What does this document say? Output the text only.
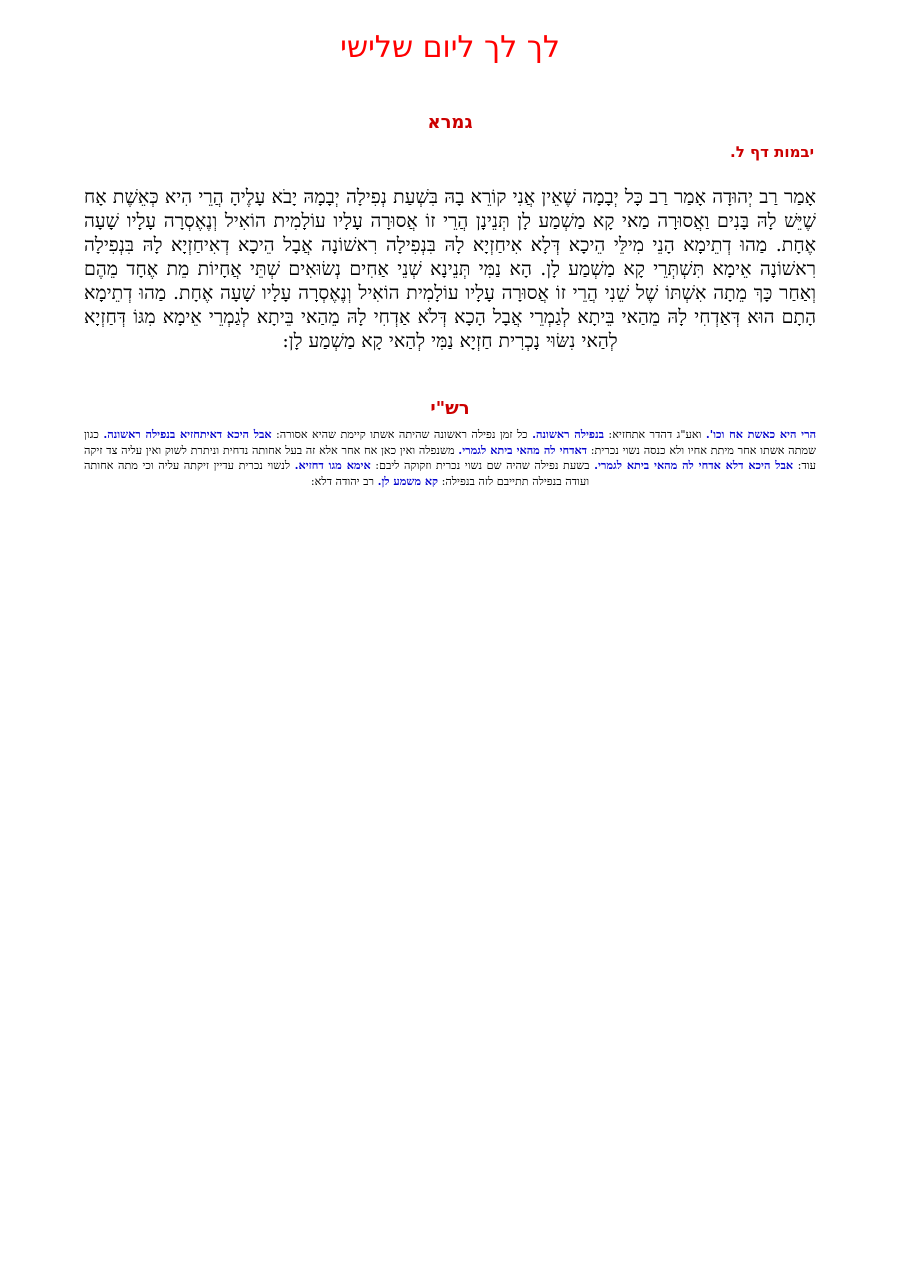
לך לך ליום שלישי
גמרא
יבמות דף ל.

אָמַר רַב יְהוּדָה אָמַר רַב כָּל יְבָמָה שֶׁאֵין אֲנִי קוֹרֵא בָהּ בִּשְׁעַת נְפִילָה יְבָמָהּ יָבֹא עָלֶיהָ הֲרֵי הִיא כְּאֵשֶׁת אָח שֶׁיֵּשׁ לָהּ בָּנִים וַאֲסוּרָה מַאי קָא מַשְׁמַע לָן תְּנֵינָן הֲרֵי זוֹ אֲסוּרָה עָלָיו עוֹלָמִית הוֹאִיל וְנֶאֶסְרָה עָלָיו שָׁעָה אֶחָת. מַהוּ דְתֵימָא הָנֵי מִילֵּי הֵיכָא דְּלָא אִיחַזְיָא לָהּ בִּנְפִילָה רִאשׁוֹנָה אֲבָל הֵיכָא דְאִיחַזְיָא לָהּ בִּנְפִילָה רִאשׁוֹנָה אֵימָא תִּשְׁתְּרֵי קָא מַשְׁמַע לָן. הָא נַמִּי תְּנֵינָא שְׁנֵי אַחִים נְשׂוּאִים שְׁתֵּי אֲחָיוֹת מֵת אֶחָד מֵהֶם וְאַחַר כָּךְ מֵתָה אִשְׁתּוֹ שֶׁל שֵׁנִי הֲרֵי זוֹ אֲסוּרָה עָלָיו עוֹלָמִית הוֹאִיל וְנֶאֶסְרָה עָלָיו שָׁעָה אֶחָת. מַהוּ דְתֵימָא הָתָם הוּא דְּאַדְחִי לָהּ מֵהַאי בֵּיתָא לְגַמְרֵי אֲבָל הָכָא דְּלֹא אַדְחִי לָהּ מֵהַאי בֵּיתָא לְגַמְרֵי אֵימָא מִגּוֹ דְּחַזְיָא לְהַאי נִשּׂוּי נָכְרִית חַזְיָא נַמִּי לְהַאי קָא מַשְׁמַע לָן:

רש"י

הרי היא כאשת אח וכו'. ואע"ג דהדר אתחזיא: בנפילה ראשונה. כל זמן נפילה ראשונה שהיתה אשתו קיימת שהיא אסורה: אבל היכא דאיתחזיא בנפילה ראשונה. כגון שמתה אשתו אחר מיתת אחיו ולא כנסה נשוי נכרית: דאדחי לה מהאי ביתא לגמרי. משנפלה ואין כאן אח אחר אלא זה בעל אחותה נדחית וניתרת לשוק ואין עליה צד זיקה עוד: אבל היכא דלא אדחי לה מהאי ביתא לגמרי. בשעת נפילה שהיה שם נשוי נכרית וזקוקה ליבם: אימא מגו דחזיא. לנשוי נכרית עדיין זיקתה עליה וכי מתה אחותה ועודה בנפילה תתייבם לזה בנפילה: קא משמע לן. רב יהודה דלא:
